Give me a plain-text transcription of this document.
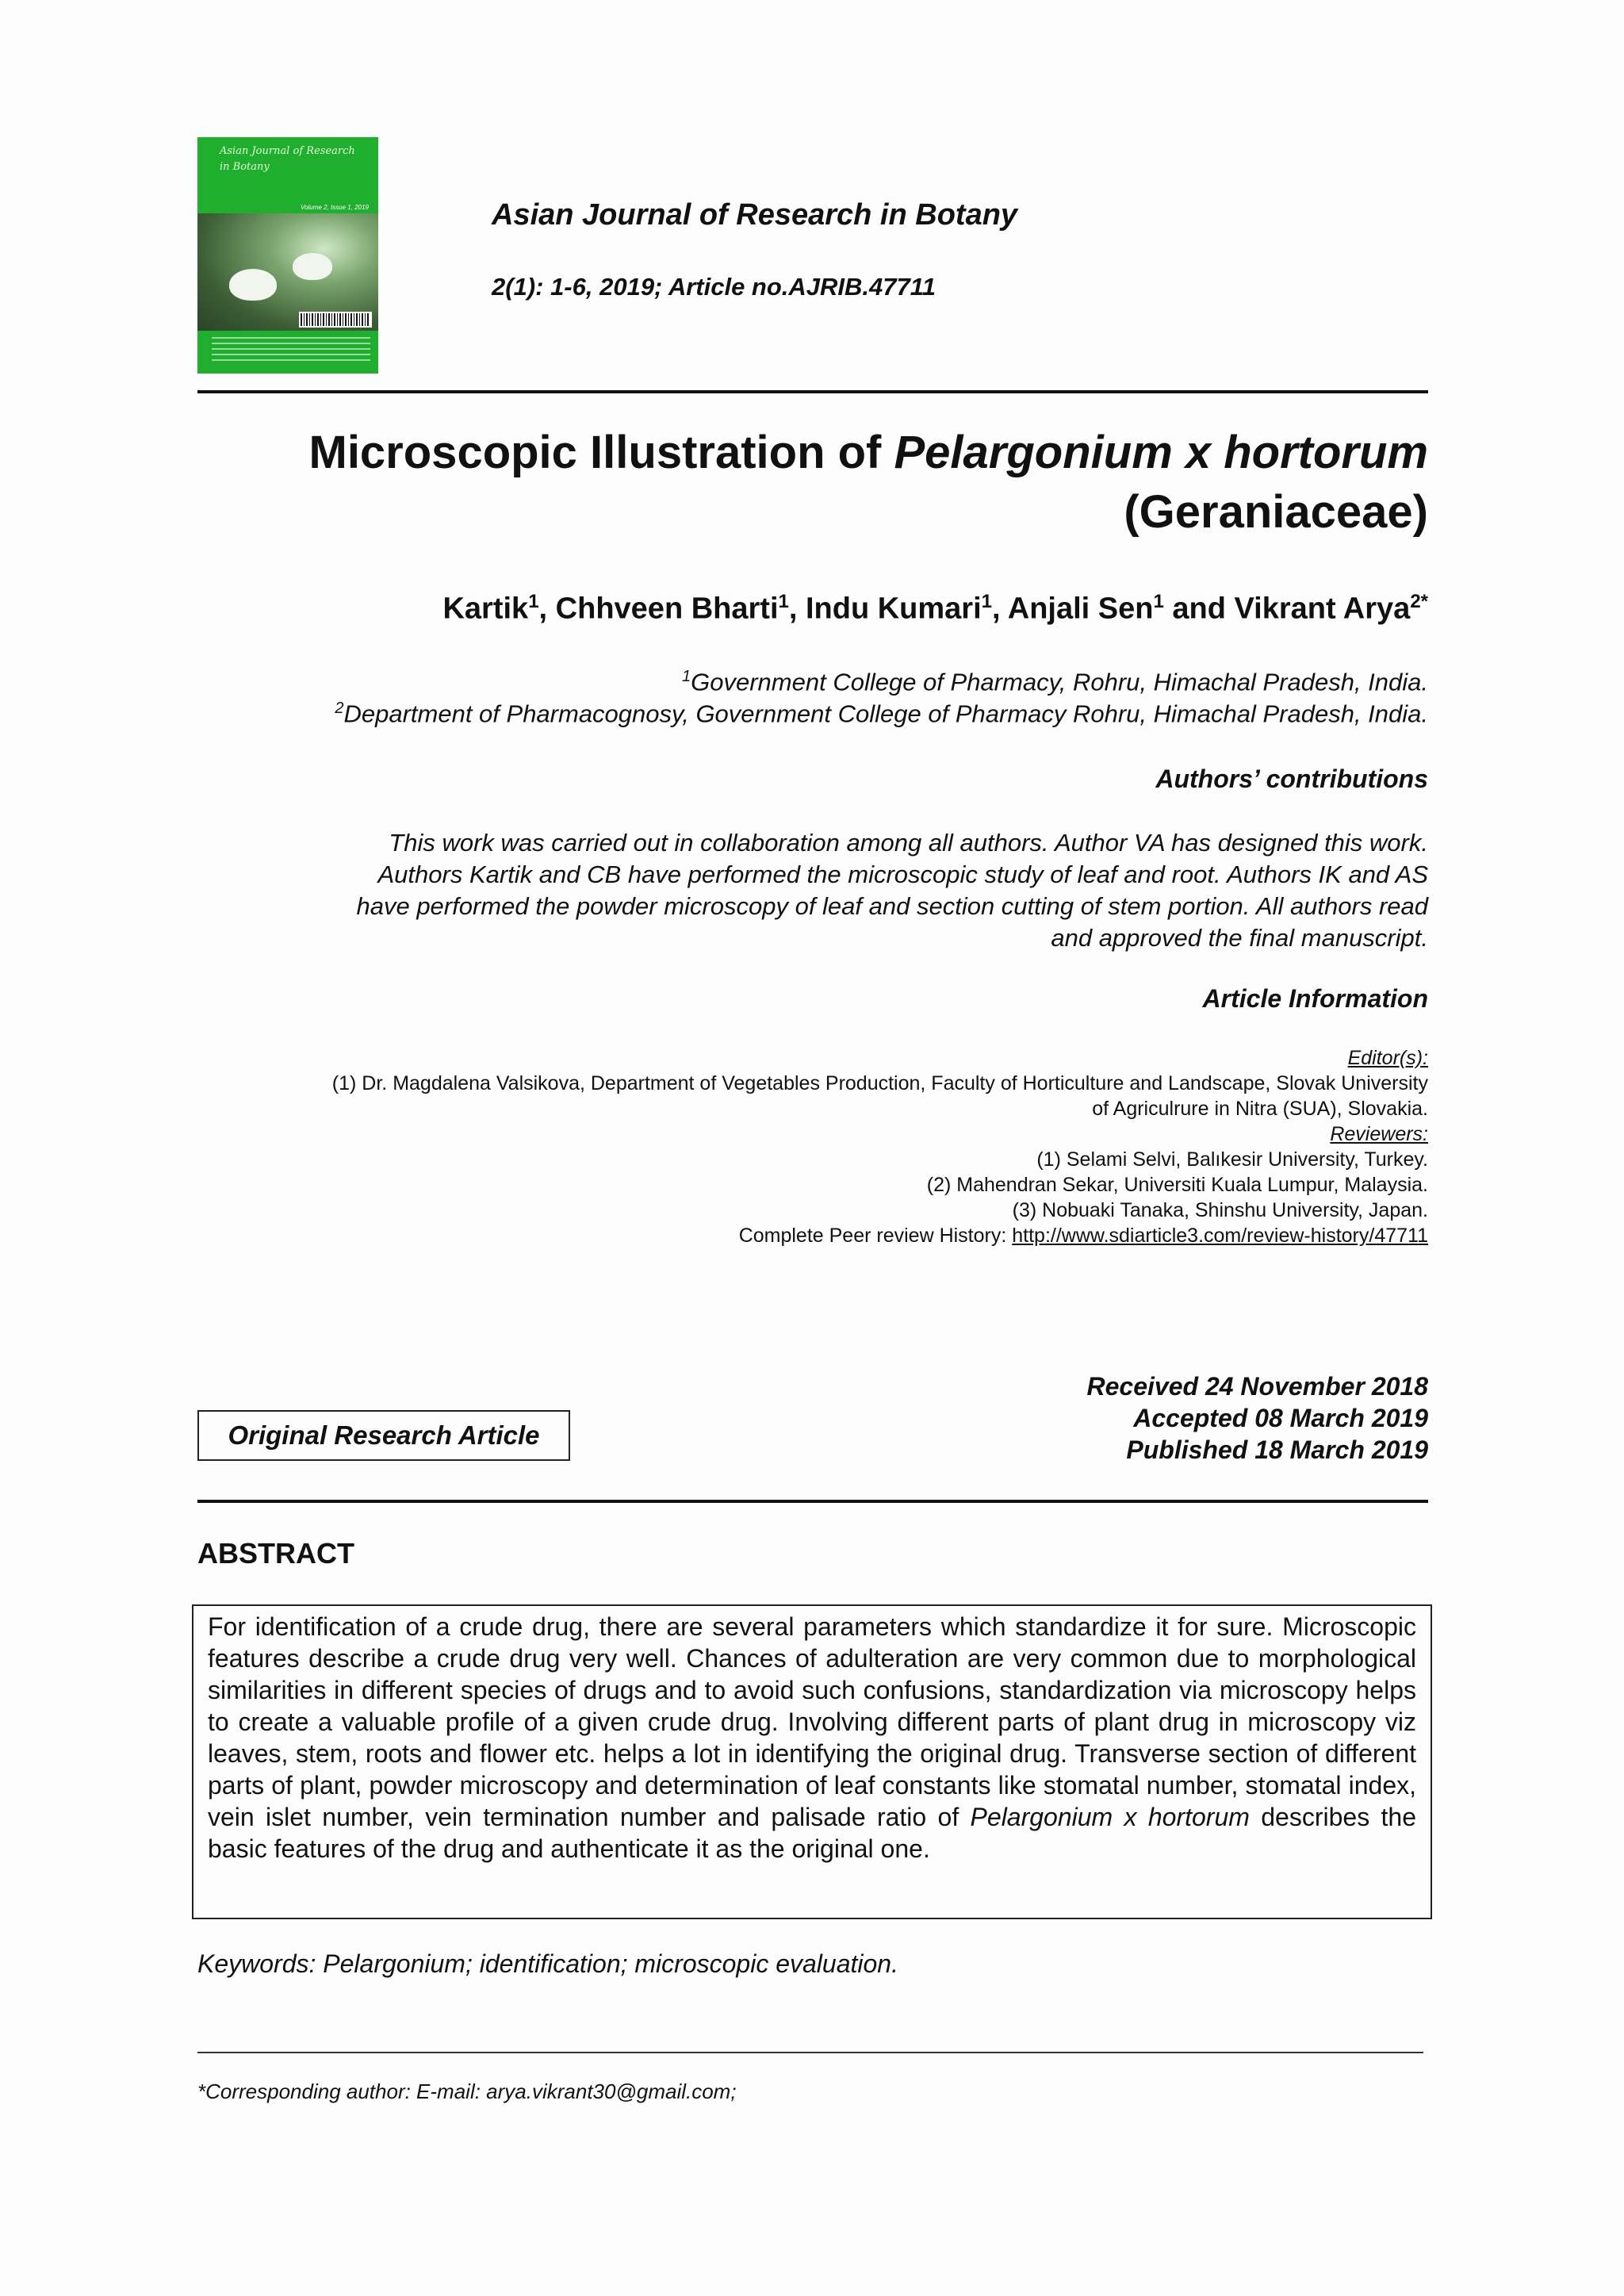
Asian Journal of Research in Botany
Volume 2, Issue 1, 2019	Asian Journal of Research in Botany
2(1): 1-6, 2019; Article no.AJRIB.47711
Microscopic Illustration of Pelargonium x hortorum
(Geraniaceae)
Kartik$^1$, Chhveen Bharti$^1$, Indu Kumari$^1$, Anjali Sen$^1$ and Vikrant Arya$^{2*}$
$^1$Government College of Pharmacy, Rohru, Himachal Pradesh, India.
$^2$Department of Pharmacognosy, Government College of Pharmacy Rohru, Himachal Pradesh, India.
Authors’ contributions
This work was carried out in collaboration among all authors. Author VA has designed this work.
Authors Kartik and CB have performed the microscopic study of leaf and root. Authors IK and AS
have performed the powder microscopy of leaf and section cutting of stem portion. All authors read
and approved the final manuscript.
Article Information
Editor(s):
(1) Dr. Magdalena Valsikova, Department of Vegetables Production, Faculty of Horticulture and Landscape, Slovak University
of Agriculrure in Nitra (SUA), Slovakia.
Reviewers:
(1) Selami Selvi, Balıkesir University, Turkey.
(2) Mahendran Sekar, Universiti Kuala Lumpur, Malaysia.
(3) Nobuaki Tanaka, Shinshu University, Japan.
Complete Peer review History: http://www.sdiarticle3.com/review-history/47711
Received 24 November 2018
Accepted 08 March 2019
Published 18 March 2019
Original Research Article
ABSTRACT

For identification of a crude drug, there are several parameters which standardize it for sure. Microscopic features describe a crude drug very well. Chances of adulteration are very common due to morphological similarities in different species of drugs and to avoid such confusions, standardization via microscopy helps to create a valuable profile of a given crude drug. Involving different parts of plant drug in microscopy viz leaves, stem, roots and flower etc. helps a lot in identifying the original drug. Transverse section of different parts of plant, powder microscopy and determination of leaf constants like stomatal number, stomatal index, vein islet number, vein termination number and palisade ratio of Pelargonium x hortorum describes the basic features of the drug and authenticate it as the original one.

Keywords: Pelargonium; identification; microscopic evaluation.
*Corresponding author: E-mail: arya.vikrant30@gmail.com;
